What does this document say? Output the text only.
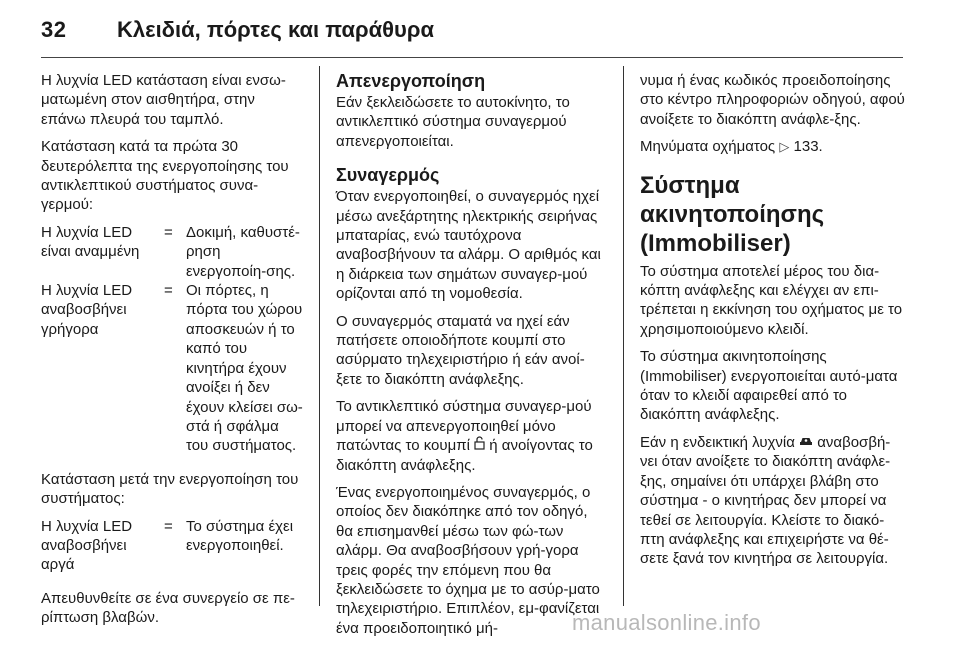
32 Κλειδιά, πόρτες και παράθυρα

Η λυχνία LED κατάσταση είναι ενσω‐ματωμένη στον αισθητήρα, στην επάνω πλευρά του ταμπλό.

Κατάσταση κατά τα πρώτα 30 δευτερόλεπτα της ενεργοποίησης του αντικλεπτικού συστήματος συνα‐γερμού:

Η λυχνία LED είναι αναμμένη
= Δοκιμή, καθυστέ‐ρηση ενεργοποίη‐σης.
Η λυχνία LED αναβοσβήνει γρήγορα
= Οι πόρτες, η πόρτα του χώρου αποσκευών ή το καπό του κινητήρα έχουν ανοίξει ή δεν έχουν κλείσει σω‐στά ή σφάλμα του συστήματος.

Κατάσταση μετά την ενεργοποίηση του συστήματος:

Η λυχνία LED αναβοσβήνει αργά
= Το σύστημα έχει ενεργοποιηθεί.

Απευθυνθείτε σε ένα συνεργείο σε πε‐ρίπτωση βλαβών.

Απενεργοποίηση

Εάν ξεκλειδώσετε το αυτοκίνητο, το αντικλεπτικό σύστημα συναγερμού απενεργοποιείται.

Συναγερμός

Όταν ενεργοποιηθεί, ο συναγερμός ηχεί μέσω ανεξάρτητης ηλεκτρικής σειρήνας μπαταρίας, ενώ ταυτόχρονα αναβοσβήνουν τα αλάρμ. Ο αριθμός και η διάρκεια των σημάτων συναγερ‐μού ορίζονται από τη νομοθεσία.

Ο συναγερμός σταματά να ηχεί εάν πατήσετε οποιοδήποτε κουμπί στο ασύρματο τηλεχειριστήριο ή εάν ανοί‐ξετε το διακόπτη ανάφλεξης.

Το αντικλεπτικό σύστημα συναγερ‐μού μπορεί να απενεργοποιηθεί μόνο πατώντας το κουμπί  ή ανοίγοντας το διακόπτη ανάφλεξης.

Ένας ενεργοποιημένος συναγερμός, ο οποίος δεν διακόπηκε από τον οδηγό, θα επισημανθεί μέσω των φώ‐των αλάρμ. Θα αναβοσβήσουν γρή‐γορα τρεις φορές την επόμενη που θα ξεκλειδώσετε το όχημα με το ασύρ‐ματο τηλεχειριστήριο. Επιπλέον, εμ‐φανίζεται ένα προειδοποιητικό μή‐

νυμα ή ένας κωδικός προειδοποίησης στο κέντρο πληροφοριών οδηγού, αφού ανοίξετε το διακόπτη ανάφλε‐ξης.

Μηνύματα οχήματος ▷ 133.

Σύστημα ακινητοποίησης (Immobiliser)

Το σύστημα αποτελεί μέρος του δια‐κόπτη ανάφλεξης και ελέγχει αν επι‐τρέπεται η εκκίνηση του οχήματος με το χρησιμοποιούμενο κλειδί.

Το σύστημα ακινητοποίησης (Immobiliser) ενεργοποιείται αυτό‐ματα όταν το κλειδί αφαιρεθεί από το διακόπτη ανάφλεξης.

Εάν η ενδεικτική λυχνία  αναβοσβή‐νει όταν ανοίξετε το διακόπτη ανάφλε‐ξης, σημαίνει ότι υπάρχει βλάβη στο σύστημα - ο κινητήρας δεν μπορεί να τεθεί σε λειτουργία. Κλείστε το διακό‐πτη ανάφλεξης και επιχειρήστε να θέ‐σετε ξανά τον κινητήρα σε λειτουργία.

manualsonline.info
